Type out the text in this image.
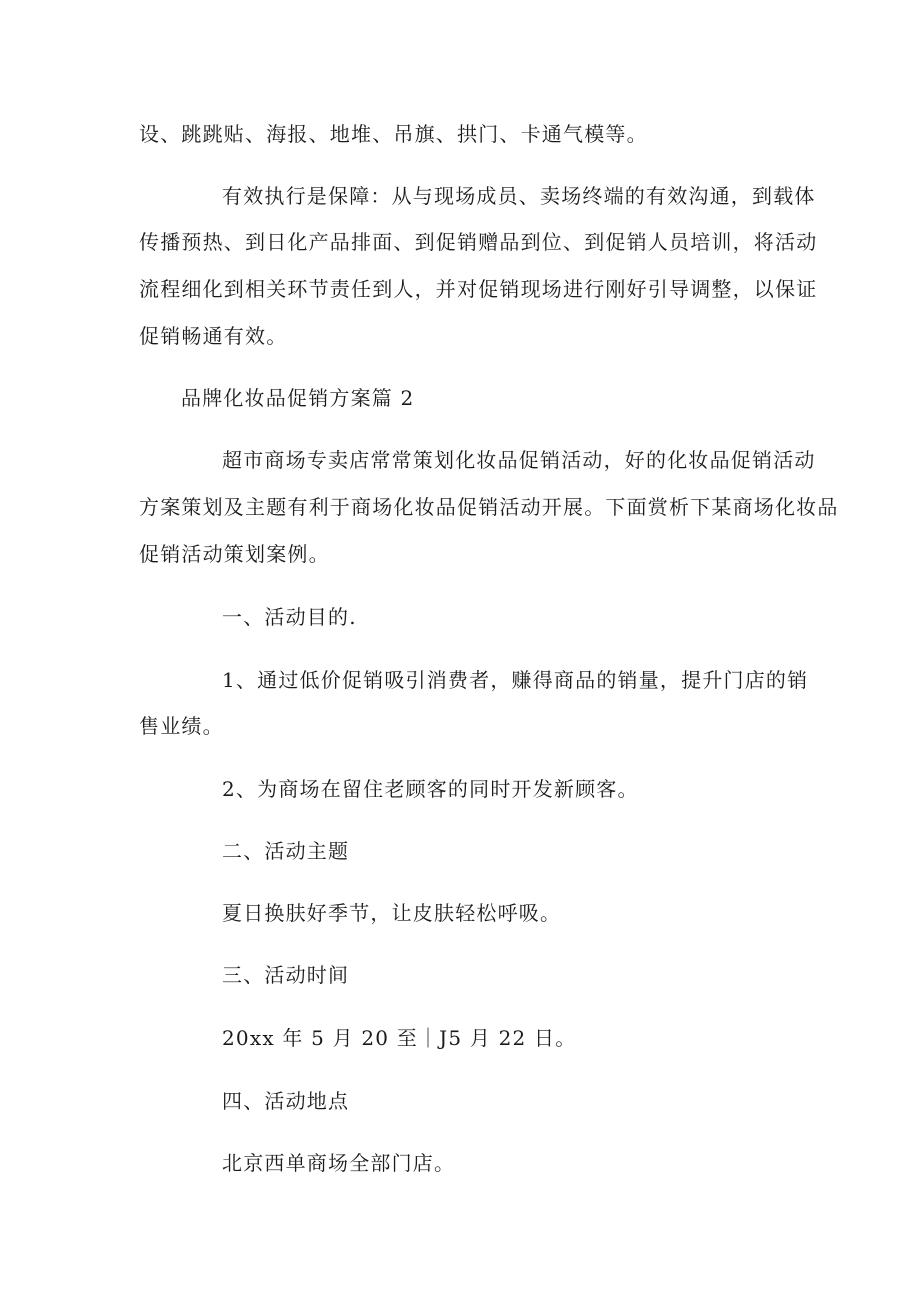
设、跳跳贴、海报、地堆、吊旗、拱门、卡通气模等。
有效执行是保障：从与现场成员、卖场终端的有效沟通，到载体
传播预热、到日化产品排面、到促销赠品到位、到促销人员培训，将活动
流程细化到相关环节责任到人，并对促销现场进行刚好引导调整，以保证
促销畅通有效。
品牌化妆品促销方案篇 2
超市商场专卖店常常策划化妆品促销活动，好的化妆品促销活动
方案策划及主题有利于商场化妆品促销活动开展。下面赏析下某商场化妆品
促销活动策划案例。
一、活动目的.
1、通过低价促销吸引消费者，赚得商品的销量，提升门店的销
售业绩。
2、为商场在留住老顾客的同时开发新顾客。
二、活动主题
夏日换肤好季节，让皮肤轻松呼吸。
三、活动时间
20xx 年 5 月 20 至｜J5 月 22 日。
四、活动地点
北京西单商场全部门店。
